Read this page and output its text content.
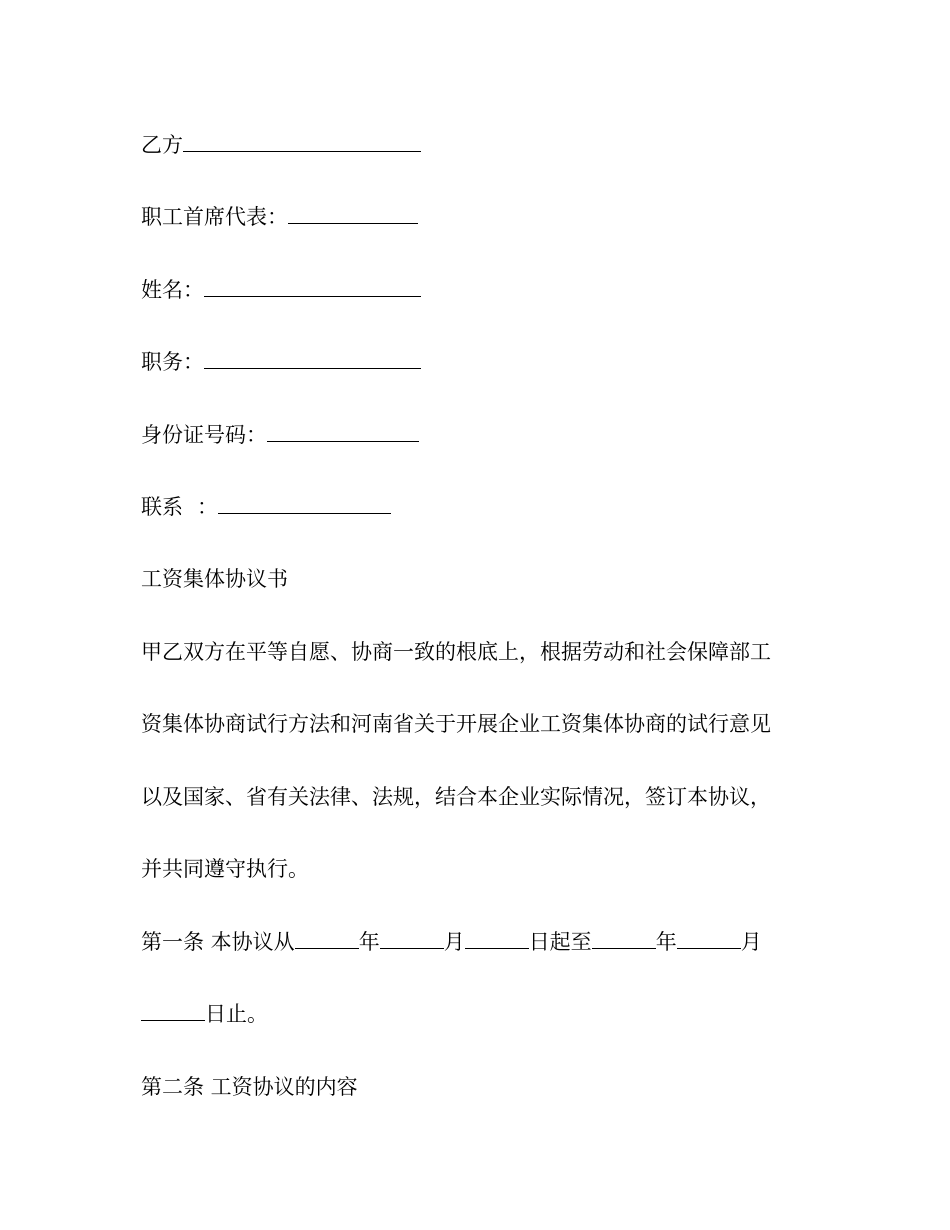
乙方
职工首席代表：
姓名：
职务：
身份证号码：
联系 ：
工资集体协议书
甲乙双方在平等自愿、协商一致的根底上，根据劳动和社会保障部工
资集体协商试行方法和河南省关于开展企业工资集体协商的试行意见
以及国家、省有关法律、法规，结合本企业实际情况，签订本协议，
并共同遵守执行。
第一条 本协议从	年	月	日起至	年	月
日止。
第二条 工资协议的内容
